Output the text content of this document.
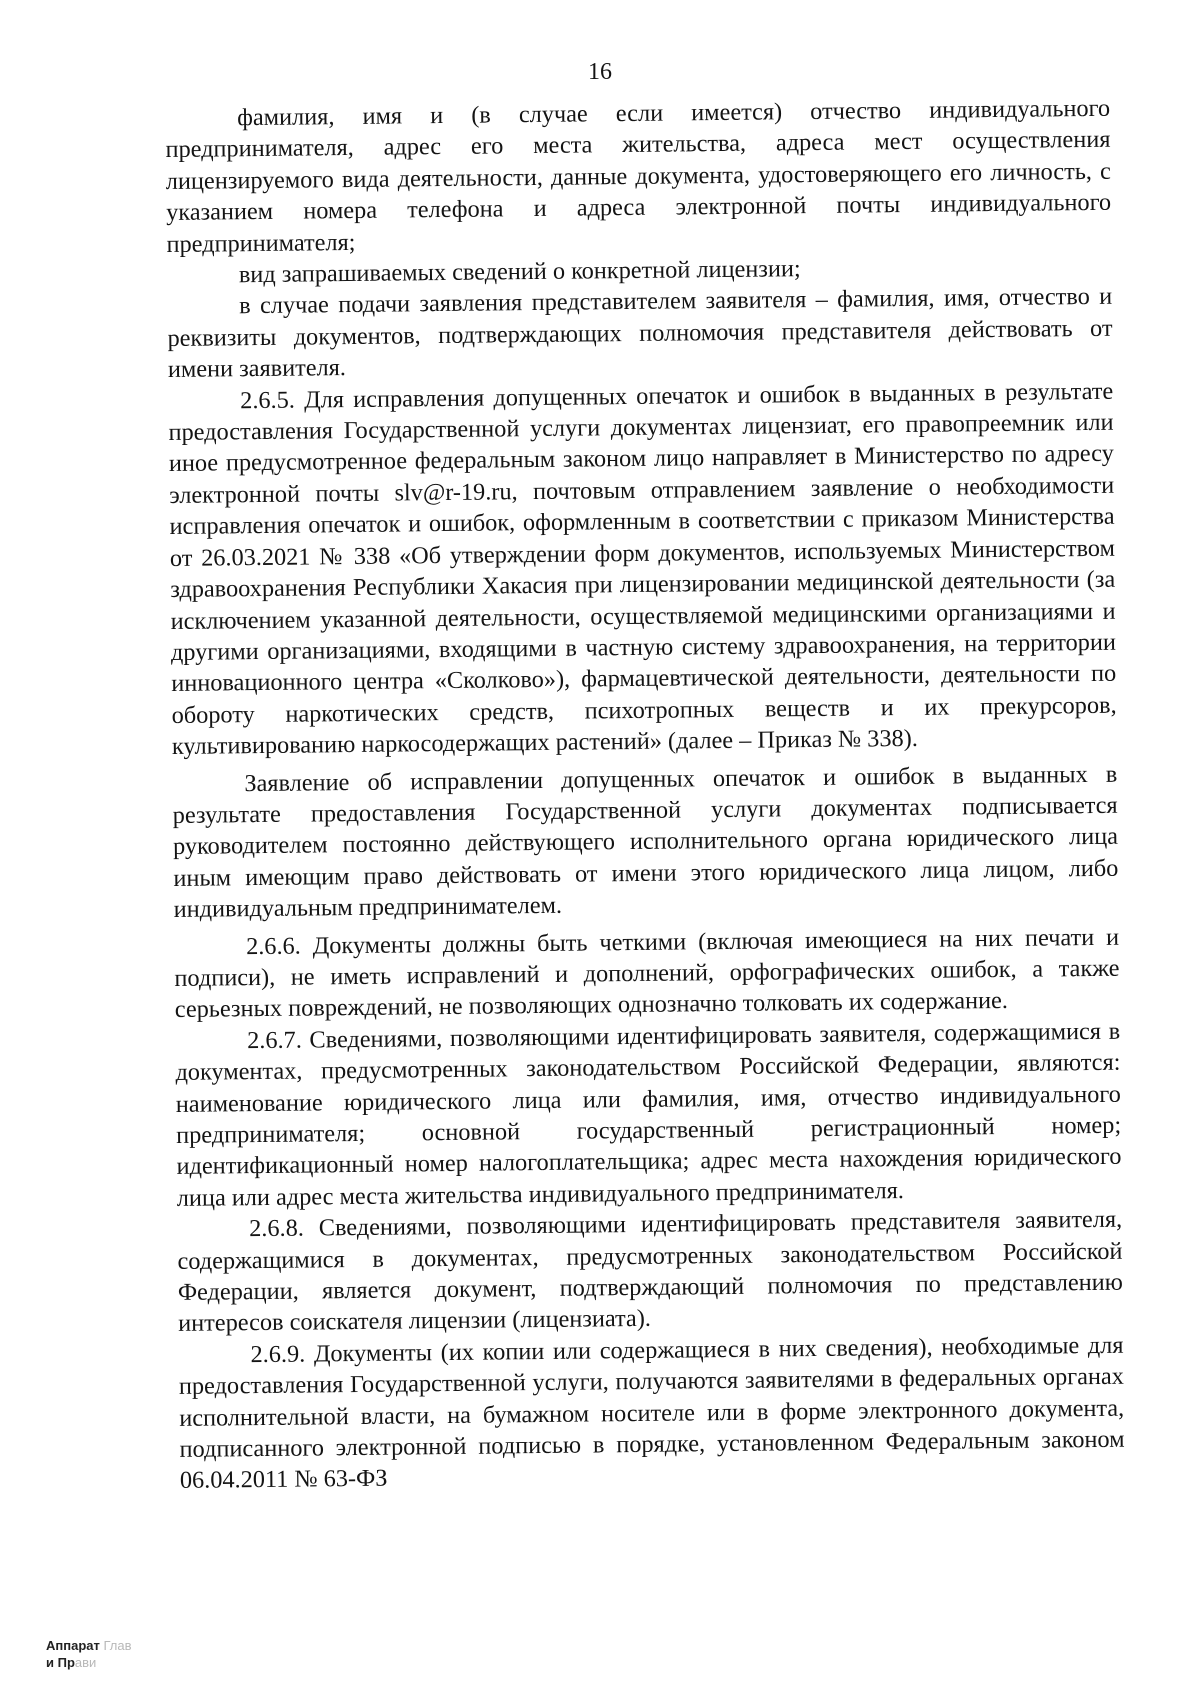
16

фамилия, имя и (в случае если имеется) отчество индивидуального предпринимателя, адрес его места жительства, адреса мест осуществления лицензируемого вида деятельности, данные документа, удостоверяющего его личность, с указанием номера телефона и адреса электронной почты индивидуального предпринимателя;

вид запрашиваемых сведений о конкретной лицензии;

в случае подачи заявления представителем заявителя – фамилия, имя, отчество и реквизиты документов, подтверждающих полномочия представителя действовать от имени заявителя.

2.6.5. Для исправления допущенных опечаток и ошибок в выданных в результате предоставления Государственной услуги документах лицензиат, его правопреемник или иное предусмотренное федеральным законом лицо направляет в Министерство по адресу электронной почты slv@r-19.ru, почтовым отправлением заявление о необходимости исправления опечаток и ошибок, оформленным в соответствии с приказом Министерства от 26.03.2021 № 338 «Об утверждении форм документов, используемых Министерством здравоохранения Республики Хакасия при лицензировании медицинской деятельности (за исключением указанной деятельности, осуществляемой медицинскими организациями и другими организациями, входящими в частную систему здравоохранения, на территории инновационного центра «Сколково»), фармацевтической деятельности, деятельности по обороту наркотических средств, психотропных веществ и их прекурсоров, культивированию наркосодержащих растений» (далее – Приказ № 338).

Заявление об исправлении допущенных опечаток и ошибок в выданных в результате предоставления Государственной услуги документах подписывается руководителем постоянно действующего исполнительного органа юридического лица иным имеющим право действовать от имени этого юридического лица лицом, либо индивидуальным предпринимателем.

2.6.6. Документы должны быть четкими (включая имеющиеся на них печати и подписи), не иметь исправлений и дополнений, орфографических ошибок, а также серьезных повреждений, не позволяющих однозначно толковать их содержание.

2.6.7. Сведениями, позволяющими идентифицировать заявителя, содержащимися в документах, предусмотренных законодательством Российской Федерации, являются: наименование юридического лица или фамилия, имя, отчество индивидуального предпринимателя; основной государственный регистрационный номер; идентификационный номер налогоплательщика; адрес места нахождения юридического лица или адрес места жительства индивидуального предпринимателя.

2.6.8. Сведениями, позволяющими идентифицировать представителя заявителя, содержащимися в документах, предусмотренных законодательством Российской Федерации, является документ, подтверждающий полномочия по представлению интересов соискателя лицензии (лицензиата).

2.6.9. Документы (их копии или содержащиеся в них сведения), необходимые для предоставления Государственной услуги, получаются заявителями в федеральных органах исполнительной власти, на бумажном носителе или в форме электронного документа, подписанного электронной подписью в порядке, установленном Федеральным законом 06.04.2011 № 63-ФЗ

Аппарат Глав
и Прави
